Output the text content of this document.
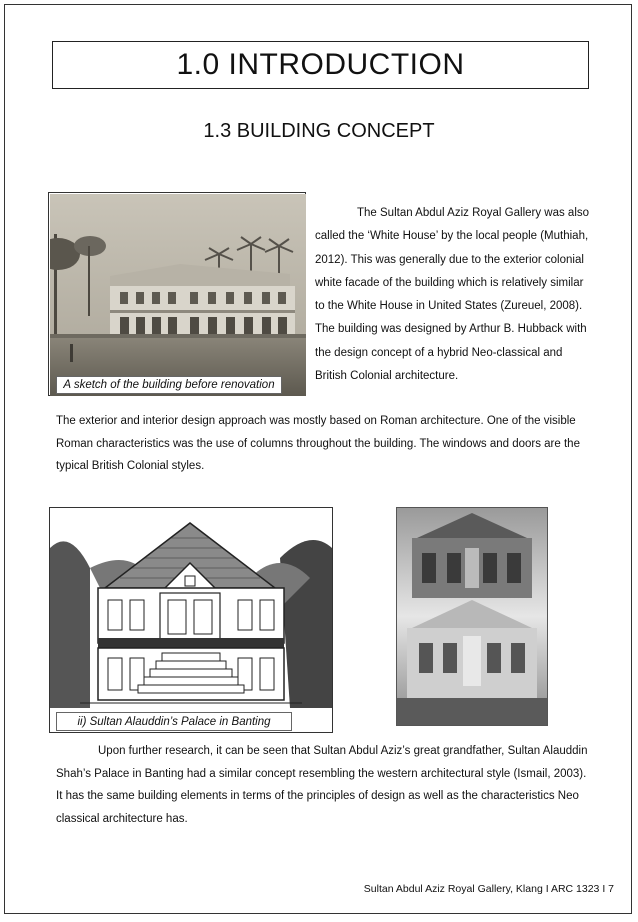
1.0 INTRODUCTION
1.3 BUILDING CONCEPT
A sketch of the building before renovation

The Sultan Abdul Aziz Royal Gallery was also called the ‘White House’ by the local people (Muthiah, 2012). This was generally due to the exterior colonial white facade of the building which is relatively similar to the White House in United States (Zureuel, 2008). The building was designed by Arthur B. Hubback with the design concept of a hybrid Neo-classical and British Colonial architecture.

The exterior and interior design approach was mostly based on Roman architecture. One of the visible Roman characteristics was the use of columns throughout the building. The windows and doors are the typical British Colonial styles.

ii) Sultan Alauddin’s Palace in Banting

Upon further research, it can be seen that Sultan Abdul Aziz’s great grandfather, Sultan Alauddin Shah’s Palace in Banting had a similar concept resembling the western architectural style (Ismail, 2003). It has the same building elements in terms of the principles of design as well as the characteristics Neo classical architecture has.

Sultan Abdul Aziz Royal Gallery, Klang I ARC 1323 I 7
